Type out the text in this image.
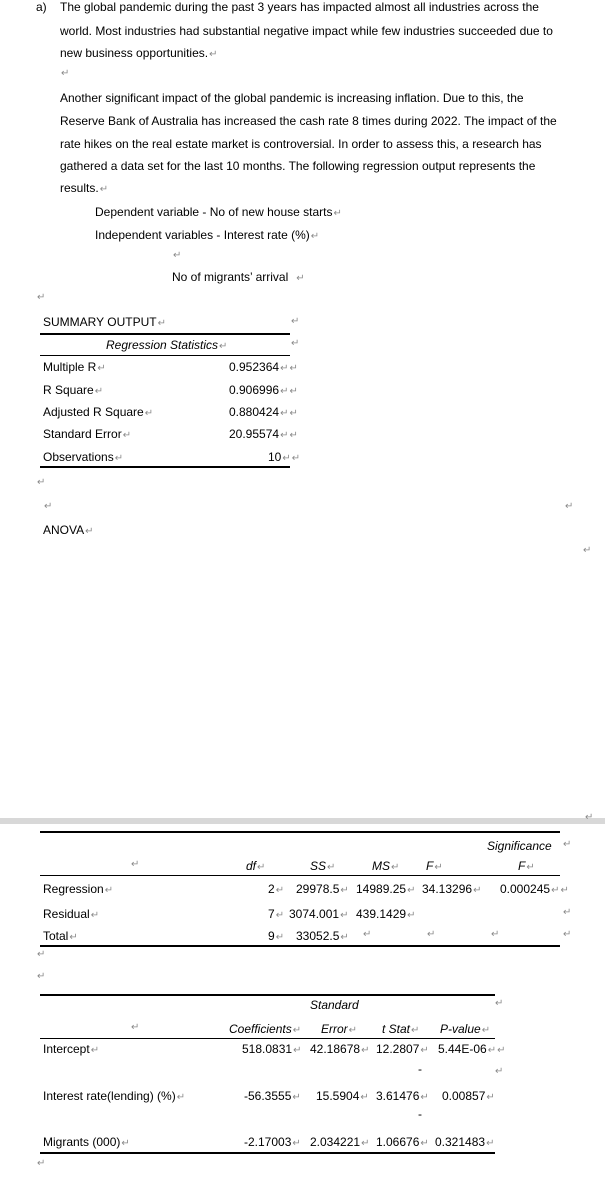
a) The global pandemic during the past 3 years has impacted almost all industries across the
world. Most industries had substantial negative impact while few industries succeeded due to
new business opportunities.↵
↵
Another significant impact of the global pandemic is increasing inflation. Due to this, the
Reserve Bank of Australia has increased the cash rate 8 times during 2022. The impact of the
rate hikes on the real estate market is controversial. In order to assess this, a research has
gathered a data set for the last 10 months. The following regression output represents the
results.↵
Dependent variable - No of new house starts↵
Independent variables - Interest rate (%)↵
↵
No of migrants’ arrival ↵
↵
SUMMARY OUTPUT↵	↵
Regression Statistics↵	↵
Multiple R↵	0.952364↵↵
R Square↵	0.906996↵↵
Adjusted R Square↵	0.880424↵↵
Standard Error↵	20.95574↵↵
Observations↵	10↵↵
↵
↵	↵
ANOVA↵
↵
↵
Significance ↵
↵	df↵	SS↵	MS↵ F↵	F↵
Regression↵	2↵ 29978.5↵ 14989.25↵ 34.13296↵ 0.000245↵↵
Residual↵	7↵ 3074.001↵ 439.1429↵	↵
Total↵	9↵ 33052.5↵ ↵	↵	↵	↵
↵
↵
Standard	↵
↵	Coefficients↵ Error↵ t Stat↵ P-value↵
Intercept↵	518.0831↵ 42.18678↵ 12.2807↵ 5.44E-06↵↵
-	↵
Interest rate(lending) (%)↵	-56.3555↵ 15.5904↵ 3.61476↵ 0.00857↵
-
Migrants (000)↵	-2.17003↵ 2.034221↵ 1.06676↵ 0.321483↵
↵
